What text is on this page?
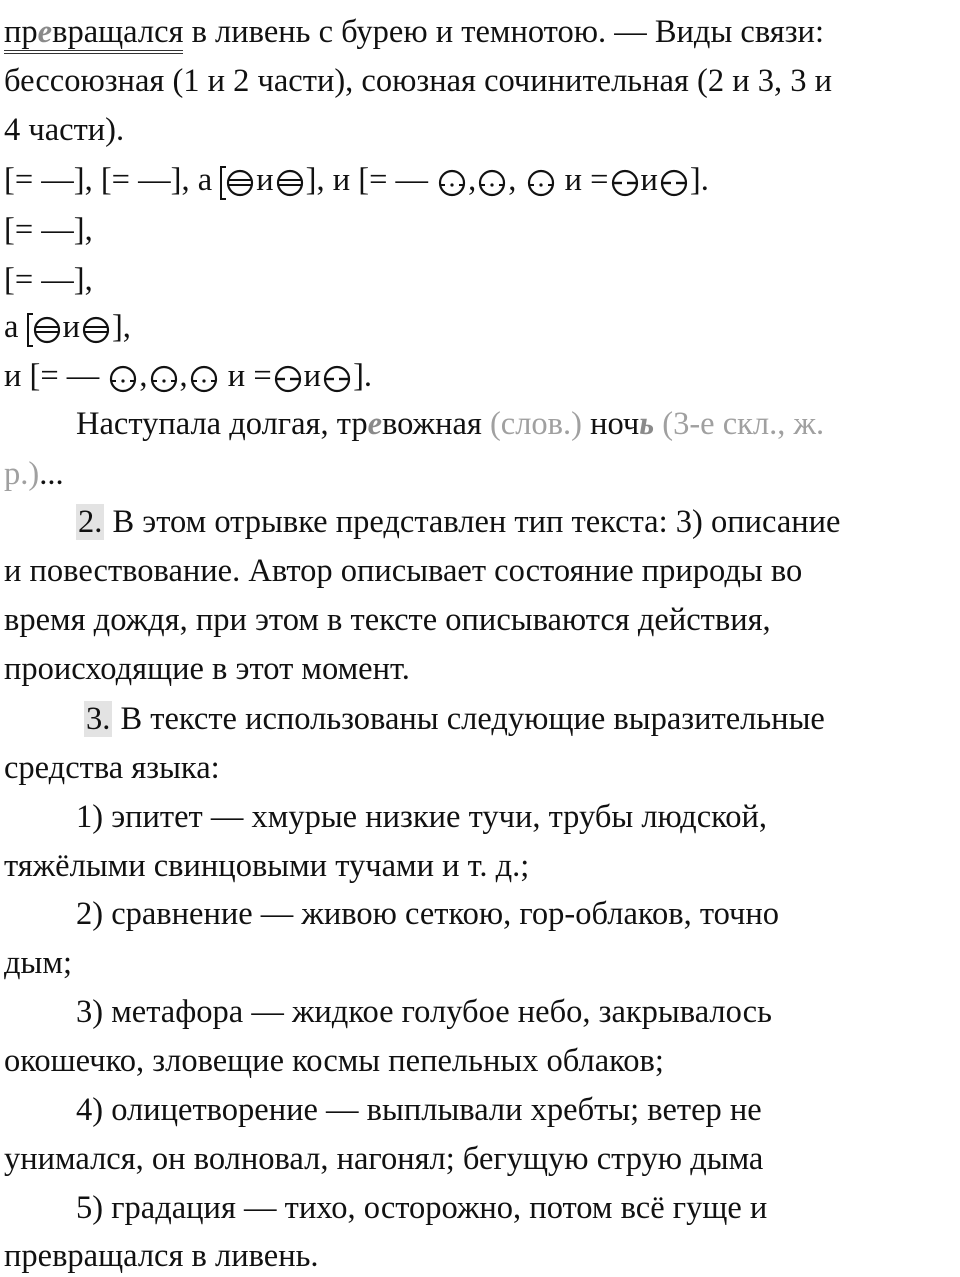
превращался в ливень с бурею и темнотою. — Виды связи:
бессоюзная (1 и 2 части), союзная сочинительная (2 и 3, 3 и
4 части).
[= —], [= —], а и ], и [= — , ,  и = и ].
[= —],
[= —],
а и ],
и [= — , , и = и ].
Наступала долгая, тревожная (слов.) ночь (3-е скл., ж.
р.)...
2. В этом отрывке представлен тип текста: 3) описание
и повествование. Автор описывает состояние природы во
время дождя, при этом в тексте описываются действия,
происходящие в этот момент.
3. В тексте использованы следующие выразительные
средства языка:
1) эпитет — хмурые низкие тучи, трубы людской,
тяжёлыми свинцовыми тучами и т. д.;
2) сравнение — живою сеткою, гор-облаков, точно
дым;
3) метафора — жидкое голубое небо, закрывалось
окошечко, зловещие космы пепельных облаков;
4) олицетворение — выплывали хребты; ветер не
унимался, он волновал, нагонял; бегущую струю дыма
5) градация — тихо, осторожно, потом всё гуще и
превращался в ливень.
